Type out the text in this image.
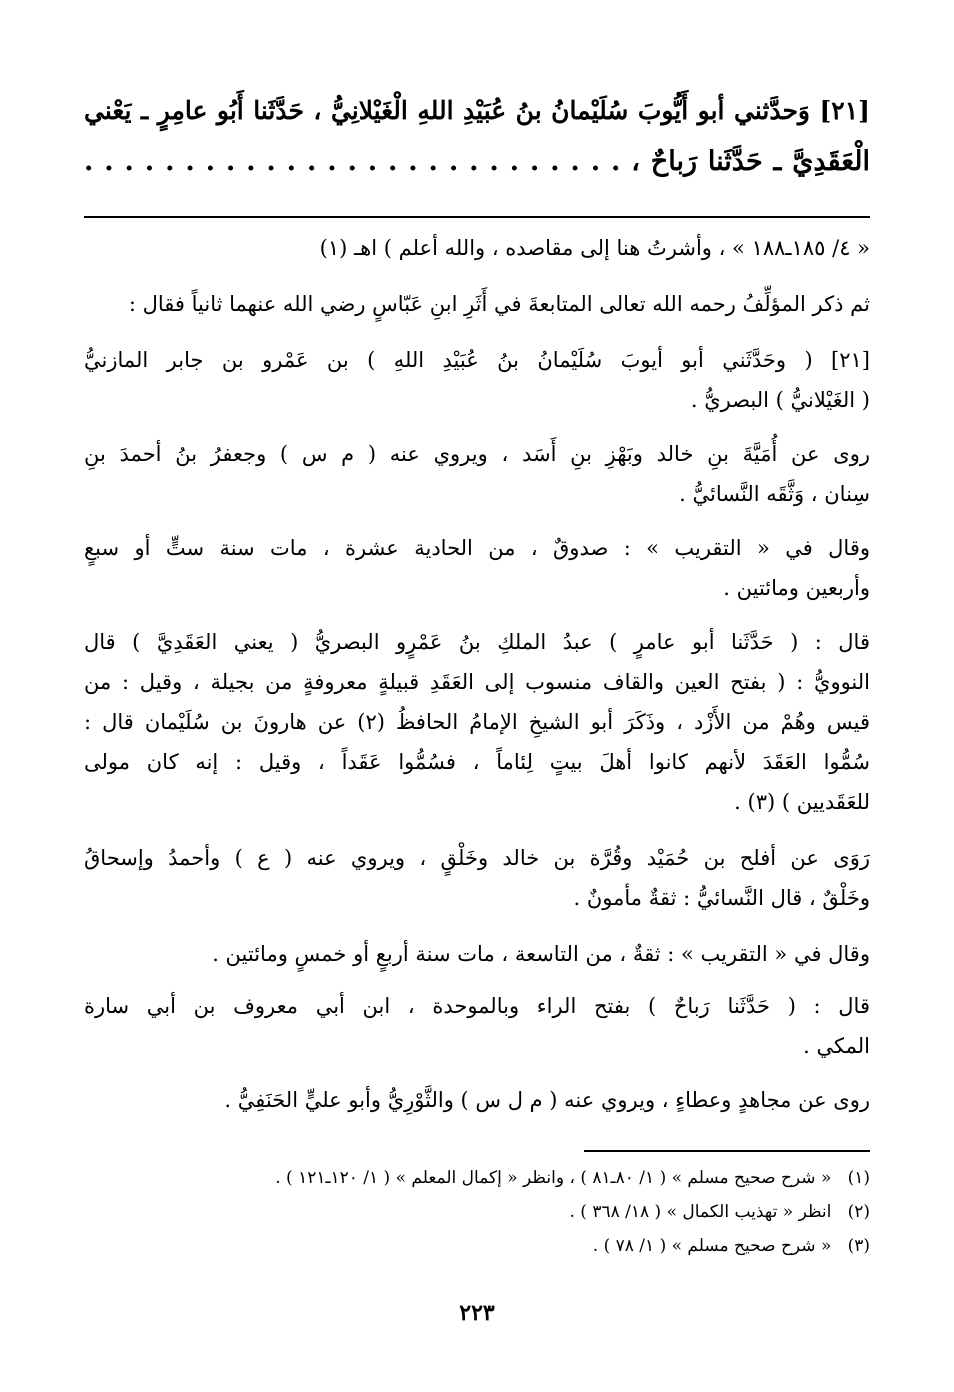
[٢١] وَحدَّثني أبو أَيُّوبَ سُلَيْمانُ بنُ عُبَيْدِ اللهِ الْغَيْلانِيُّ ، حَدَّثَنا أَبُو عامِرٍ ـ يَعْني
الْعَقَدِيَّ ـ حَدَّثَنا رَباحٌ ، . . . . . . . . . . . . . . . . . . . . . . . . . . .
« ٤/ ١٨٥ـ١٨٨ » ، وأشرتُ هنا إلى مقاصده ، والله أعلم ) اهـ (١)
ثم ذكر المؤلِّفُ رحمه الله تعالى المتابعةَ في أَثَرِ ابنِ عَبّاسٍ رضي الله عنهما ثانياً فقال :
[٢١] ( وحَدَّثَني أبو أيوبَ سُلَيْمانُ بنُ عُبَيْدِ اللهِ ) بن عَمْرو بن جابر المازنيُّ
( الغَيْلانيُّ ) البصريُّ .
روى عن أُمَيَّةَ بنِ خالد وبَهْزِ بنِ أَسَد ، ويروي عنه ( م س ) وجعفرُ بنُ أحمدَ بنِ
سِنان ، وَثَّقَه النَّسائيُّ .
وقال في « التقريب » : صدوقٌ ، من الحادية عشرة ، مات سنة ستٍّ أو سبعٍ
وأربعين ومائتين .
قال : ( حَدَّثَنا أبو عامرٍ ) عبدُ الملكِ بنُ عَمْرٍو البصريُّ ( يعني العَقَدِيَّ ) قال
النوويُّ : ( بفتح العين والقاف منسوب إلى العَقَدِ قبيلةٍ معروفةٍ من بجيلة ، وقيل : من
قيس وهُمْ من الأَزْد ، وذَكَرَ أبو الشيخِ الإمامُ الحافظُ (٢) عن هارونَ بن سُلَيْمان قال :
سُمُّوا العَقَدَ لأنهم كانوا أهلَ بيتٍ لِئاماً ، فسُمُّوا عَقَداً ، وقيل : إنه كان مولى
للعَقَديين ) (٣) .
رَوَى عن أفلح بن حُمَيْد وقُرَّة بن خالد وخَلْقٍ ، ويروي عنه ( ع ) وأحمدُ وإسحاقُ
وخَلْقٌ ، قال النَّسائيُّ : ثقةٌ مأمونٌ .
وقال في « التقريب » : ثقةٌ ، من التاسعة ، مات سنة أربعٍ أو خمسٍ ومائتين .
قال : ( حَدَّثَنا رَباحٌ ) بفتح الراء وبالموحدة ، ابن أبي معروف بن أبي سارة
المكي .
روى عن مجاهدٍ وعطاءٍ ، ويروي عنه ( م ل س ) والثَّوْرِيُّ وأبو عليٍّ الحَنَفِيُّ .
(١)   « شرح صحيح مسلم » ( ١/ ٨٠ـ٨١ ) ، وانظر « إكمال المعلم » ( ١/ ١٢٠ـ١٢١ ) .
(٢)   انظر « تهذيب الكمال » ( ١٨/ ٣٦٨ ) .
(٣)   « شرح صحيح مسلم » ( ١/ ٧٨ ) .
٢٢٣
